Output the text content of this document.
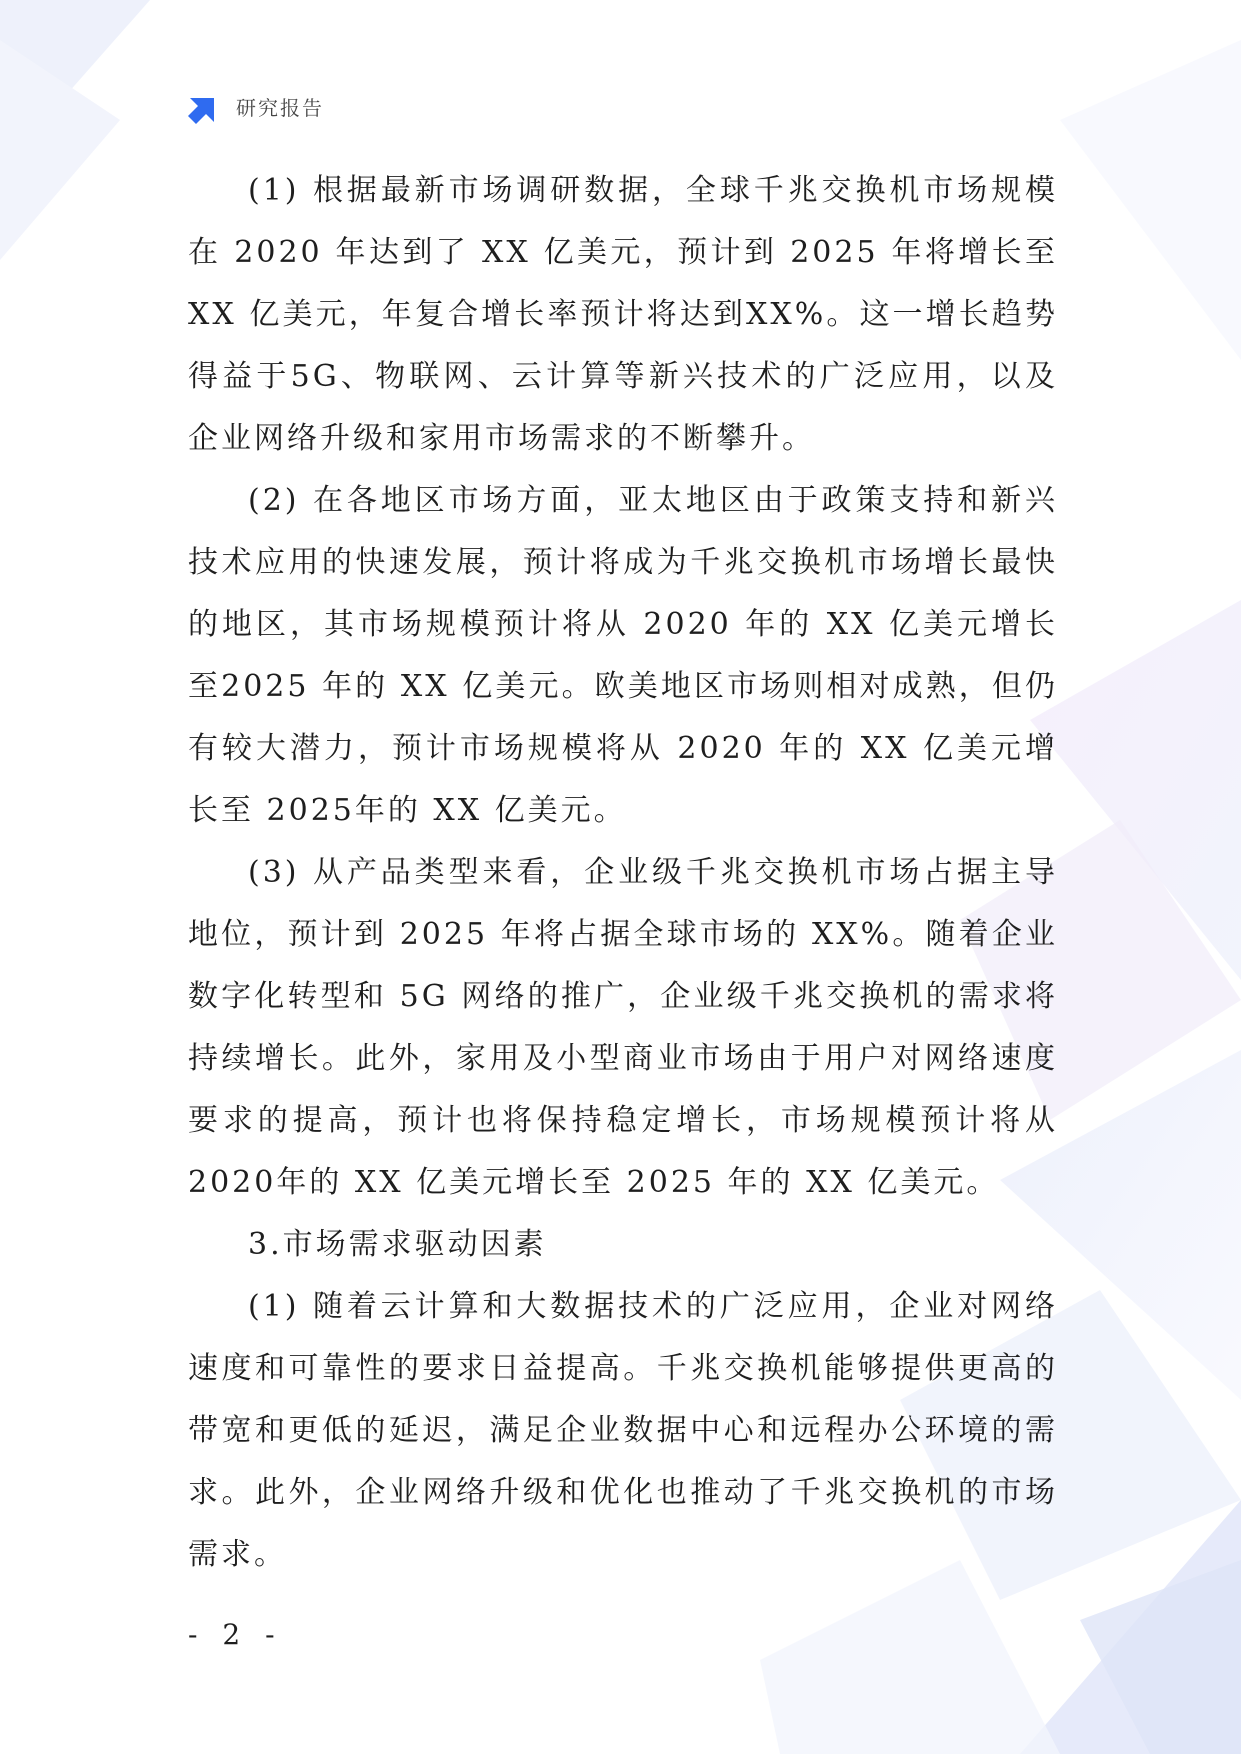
研究报告

(1) 根据最新市场调研数据，全球千兆交换机市场规模在 2020 年达到了 XX 亿美元，预计到 2025 年将增长至 XX 亿美元，年复合增长率预计将达到XX%。这一增长趋势得益于5G、物联网、云计算等新兴技术的广泛应用，以及企业网络升级和家用市场需求的不断攀升。

(2) 在各地区市场方面，亚太地区由于政策支持和新兴技术应用的快速发展，预计将成为千兆交换机市场增长最快的地区，其市场规模预计将从 2020 年的 XX 亿美元增长至2025 年的 XX 亿美元。欧美地区市场则相对成熟，但仍有较大潜力，预计市场规模将从 2020 年的 XX 亿美元增长至 2025年的 XX 亿美元。

(3) 从产品类型来看，企业级千兆交换机市场占据主导地位，预计到 2025 年将占据全球市场的 XX%。随着企业数字化转型和 5G 网络的推广，企业级千兆交换机的需求将持续增长。此外，家用及小型商业市场由于用户对网络速度要求的提高，预计也将保持稳定增长，市场规模预计将从 2020年的 XX 亿美元增长至 2025 年的 XX 亿美元。

3.市场需求驱动因素

(1) 随着云计算和大数据技术的广泛应用，企业对网络速度和可靠性的要求日益提高。千兆交换机能够提供更高的带宽和更低的延迟，满足企业数据中心和远程办公环境的需求。此外，企业网络升级和优化也推动了千兆交换机的市场需求。

- 2 -
